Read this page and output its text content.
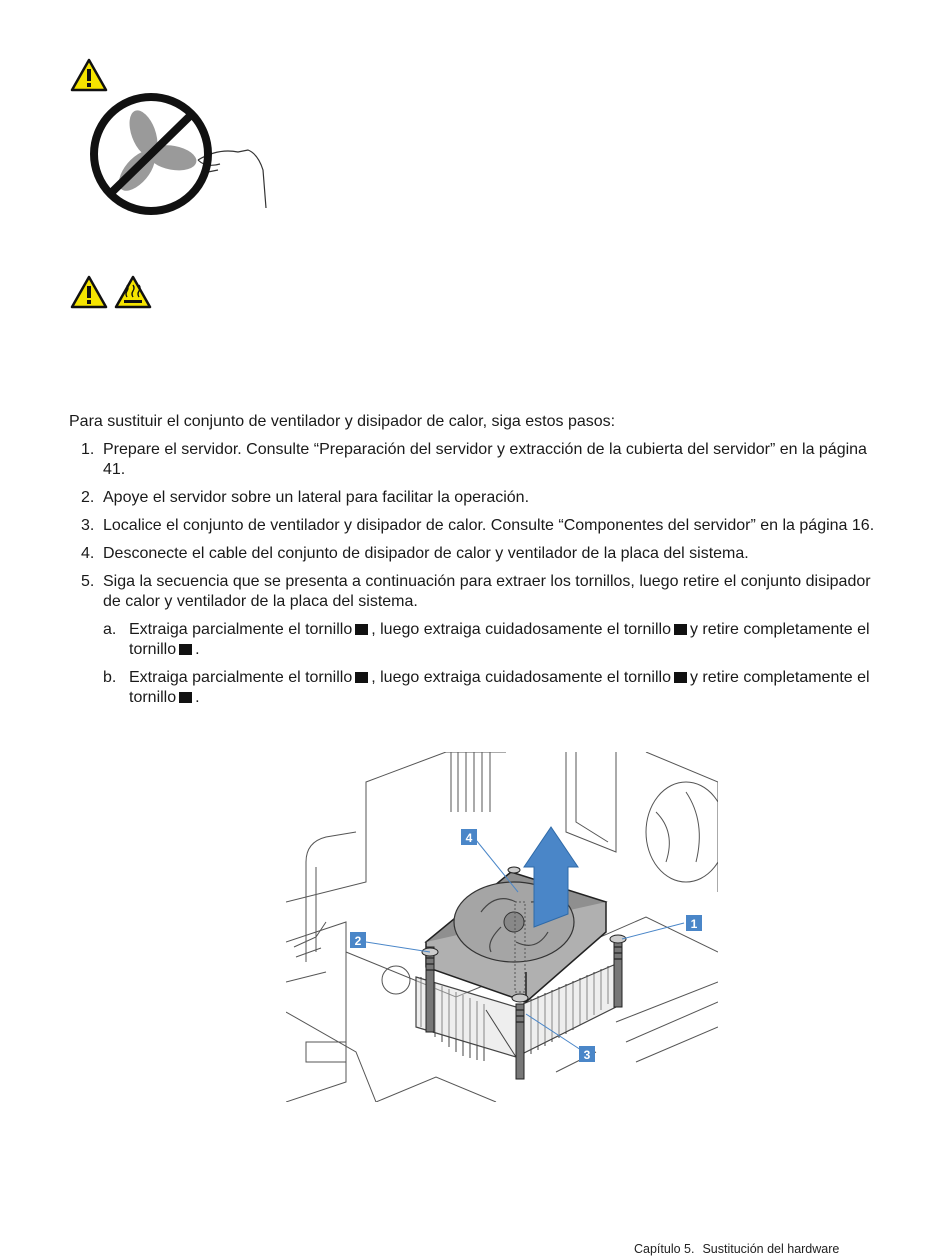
Para sustituir el conjunto de ventilador y disipador de calor, siga estos pasos:
1. Prepare el servidor. Consulte “Preparación del servidor y extracción de la cubierta del servidor” en la página 41.
2. Apoye el servidor sobre un lateral para facilitar la operación.
3. Localice el conjunto de ventilador y disipador de calor. Consulte “Componentes del servidor” en la página 16.
4. Desconecte el cable del conjunto de disipador de calor y ventilador de la placa del sistema.
5. Siga la secuencia que se presenta a continuación para extraer los tornillos, luego retire el conjunto disipador de calor y ventilador de la placa del sistema.
a. Extraiga parcialmente el tornillo , luego extraiga cuidadosamente el tornillo y retire completamente el tornillo .
b. Extraiga parcialmente el tornillo , luego extraiga cuidadosamente el tornillo y retire completamente el tornillo .
1
2
3
4
Capítulo 5. Sustitución del hardware
